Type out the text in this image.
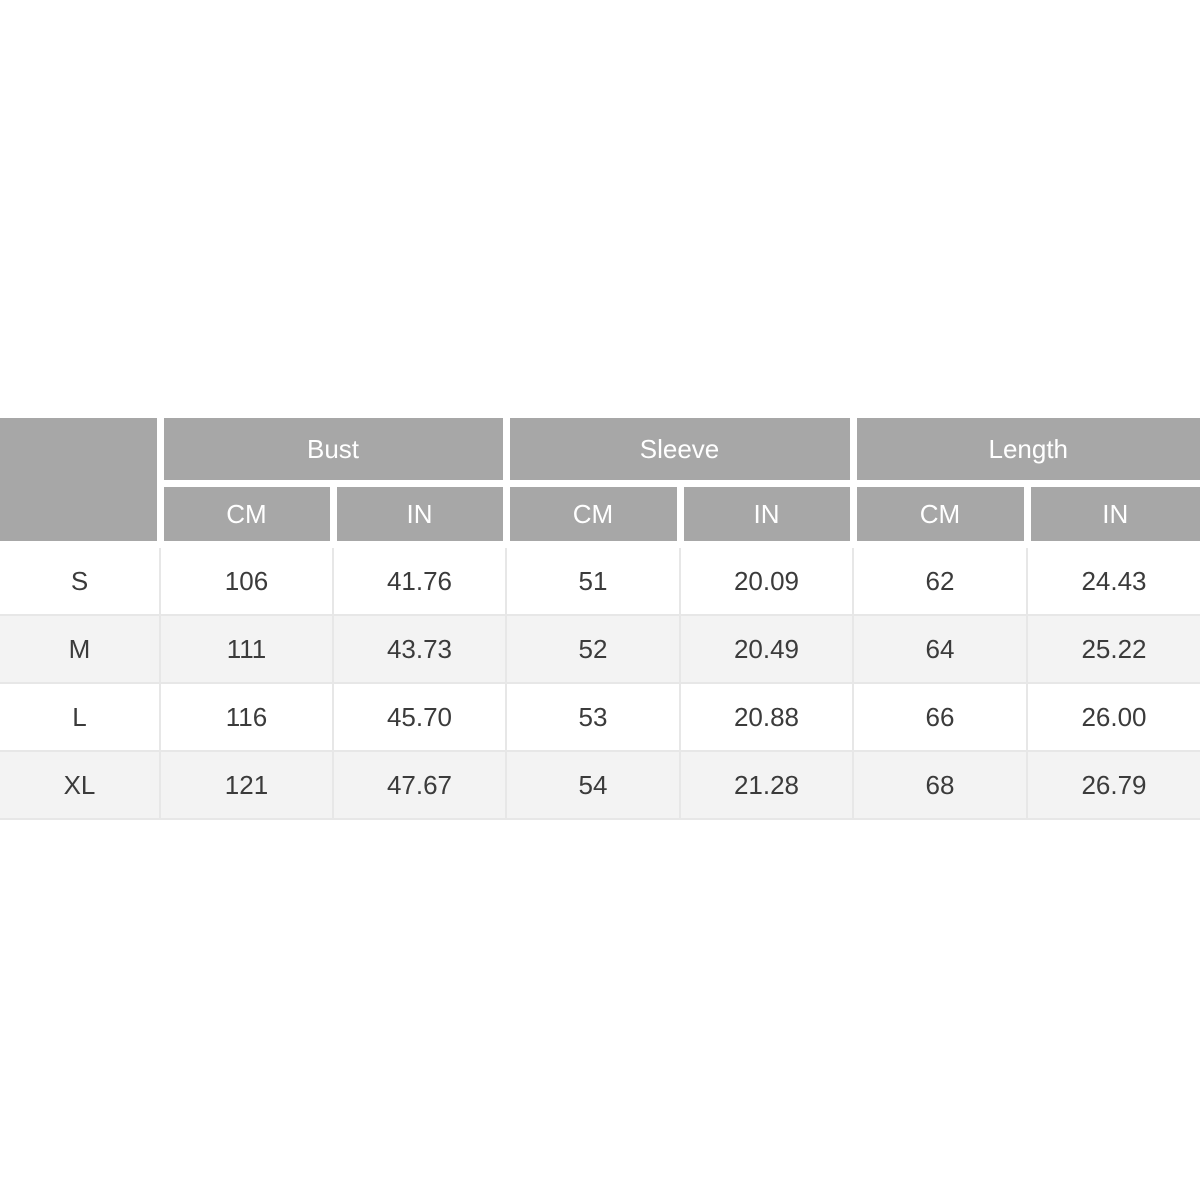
	Bust		Sleeve		Length	
	CM	IN	CM	IN	CM	IN
S	106	41.76	51	20.09	62	24.43
M	111	43.73	52	20.49	64	25.22
L	116	45.70	53	20.88	66	26.00
XL	121	47.67	54	21.28	68	26.79
